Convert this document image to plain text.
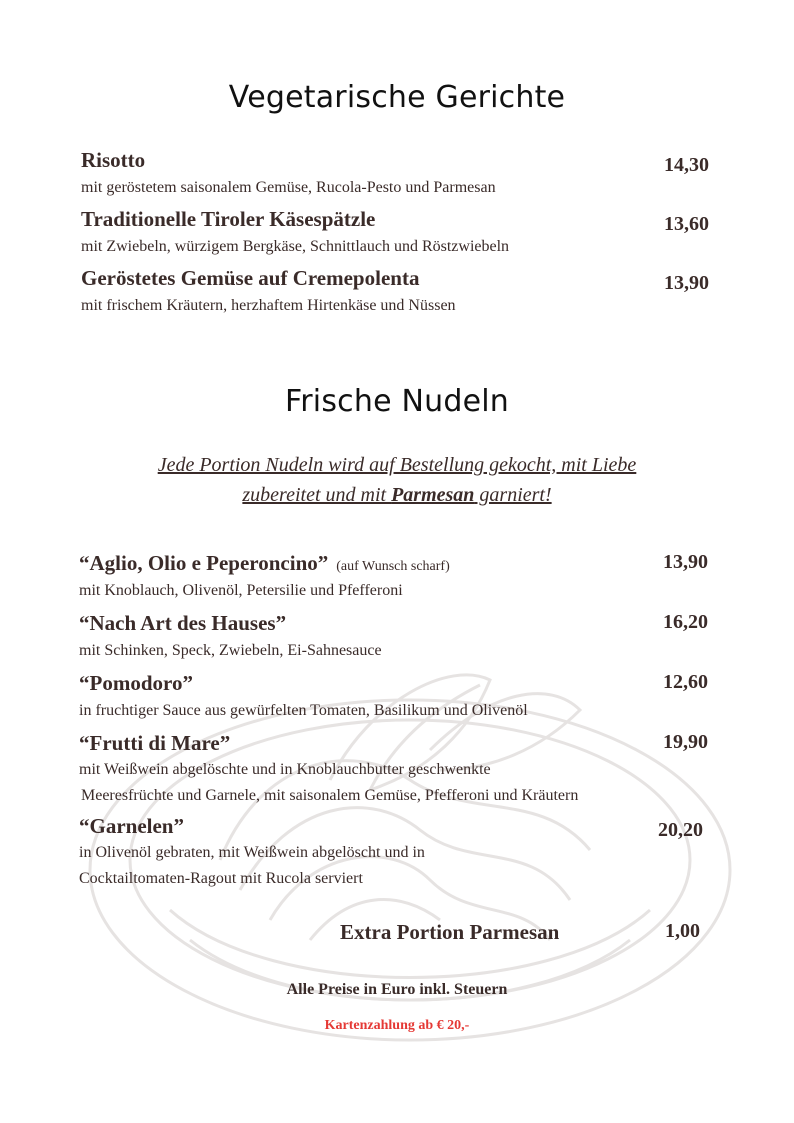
Vegetarische Gerichte
Risotto	14,30
mit geröstetem saisonalem Gemüse, Rucola-Pesto und Parmesan
Traditionelle Tiroler Käsespätzle	13,60
mit Zwiebeln, würzigem Bergkäse, Schnittlauch und Röstzwiebeln
Geröstetes Gemüse auf Cremepolenta	13,90
mit frischem Kräutern, herzhaftem Hirtenkäse und Nüssen
Frische Nudeln
Jede Portion Nudeln wird auf Bestellung gekocht, mit Liebe
zubereitet und mit Parmesan garniert!
“Aglio, Olio e Peperoncino” (auf Wunsch scharf)	13,90
mit Knoblauch, Olivenöl, Petersilie und Pfefferoni
“Nach Art des Hauses”	16,20
mit Schinken, Speck, Zwiebeln, Ei-Sahnesauce
“Pomodoro”	12,60
in fruchtiger Sauce aus gewürfelten Tomaten, Basilikum und Olivenöl
“Frutti di Mare”	19,90
mit Weißwein abgelöschte und in Knoblauchbutter geschwenkte
Meeresfrüchte und Garnele, mit saisonalem Gemüse, Pfefferoni und Kräutern
“Garnelen”	20,20
in Olivenöl gebraten, mit Weißwein abgelöscht und in
Cocktailtomaten-Ragout mit Rucola serviert
Extra Portion Parmesan	1,00
Alle Preise in Euro inkl. Steuern
Kartenzahlung ab € 20,-
